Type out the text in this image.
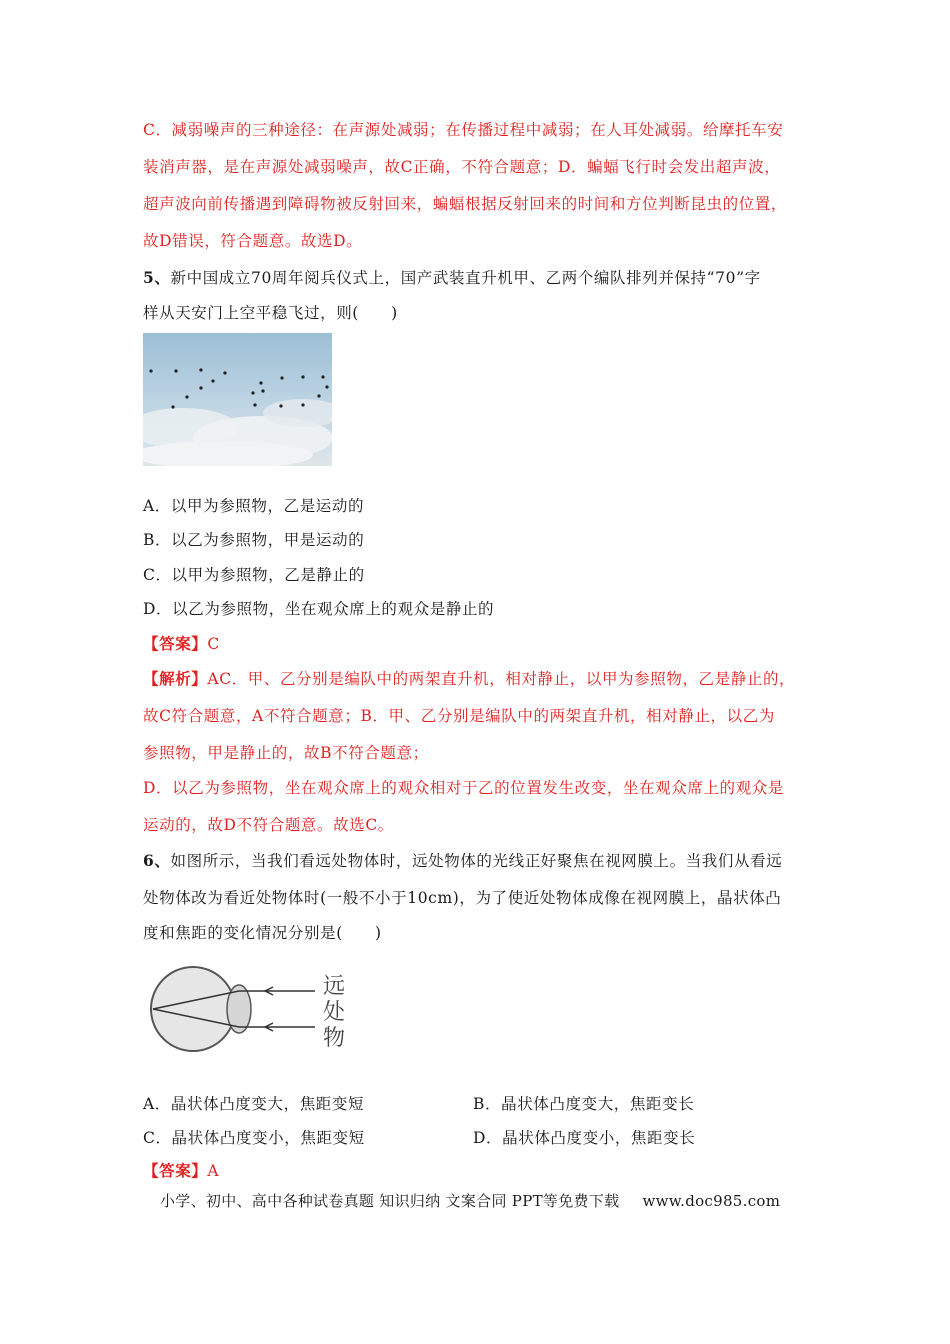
C．减弱噪声的三种途径：在声源处减弱；在传播过程中减弱；在人耳处减弱。给摩托车安
装消声器，是在声源处减弱噪声，故C正确，不符合题意；D．蝙蝠飞行时会发出超声波，
超声波向前传播遇到障碍物被反射回来，蝙蝠根据反射回来的时间和方位判断昆虫的位置，
故D错误，符合题意。故选D。
5、新中国成立70周年阅兵仪式上，国产武装直升机甲、乙两个编队排列并保持“70”字
样从天安门上空平稳飞过，则(　　)
A．以甲为参照物，乙是运动的
B．以乙为参照物，甲是运动的
C．以甲为参照物，乙是静止的
D．以乙为参照物，坐在观众席上的观众是静止的
【答案】C
【解析】AC．甲、乙分别是编队中的两架直升机，相对静止，以甲为参照物，乙是静止的，
故C符合题意，A不符合题意；B．甲、乙分别是编队中的两架直升机，相对静止，以乙为
参照物，甲是静止的，故B不符合题意；
D．以乙为参照物，坐在观众席上的观众相对于乙的位置发生改变，坐在观众席上的观众是
运动的，故D不符合题意。故选C。
6、如图所示，当我们看远处物体时，远处物体的光线正好聚焦在视网膜上。当我们从看远
处物体改为看近处物体时(一般不小于10cm)，为了使近处物体成像在视网膜上，晶状体凸
度和焦距的变化情况分别是(　　)
远
处
物
A．晶状体凸度变大，焦距变短	B．晶状体凸度变大，焦距变长
C．晶状体凸度变小，焦距变短	D．晶状体凸度变小，焦距变长
【答案】A
小学、初中、高中各种试卷真题 知识归纳 文案合同 PPT等免费下载 www.doc985.com
